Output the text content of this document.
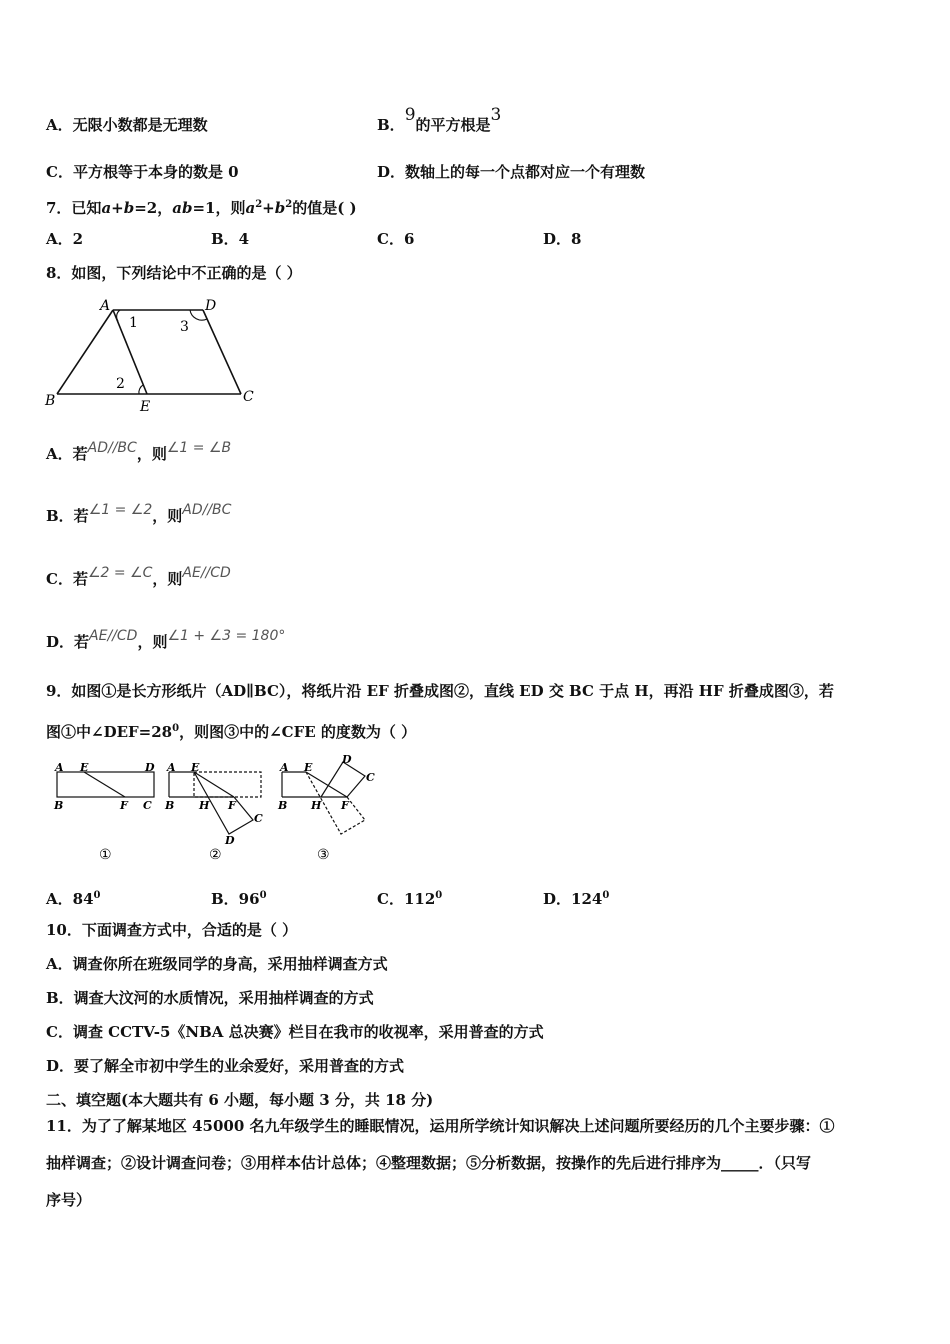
A．无限小数都是无理数	B．9的平方根是3
C．平方根等于本身的数是 0	D．数轴上的每一个点都对应一个有理数
7．已知a+b=2，ab=1，则$a^2+b^2$的值是( )
A．2	B．4	C．6	D．8
8．如图，下列结论中不正确的是（ ）
A	D
B	E
C
1
2
3
A．若AD//BC，则∠1 = ∠B
B．若∠1 = ∠2，则AD//BC
C．若∠2 = ∠C，则AE//CD
D．若AE//CD，则∠1 + ∠3 = 180°
9．如图①是长方形纸片（AD∥BC），将纸片沿 EF 折叠成图②，直线 ED 交 BC 于点 H，再沿 HF 折叠成图③，若
图①中$\angle DEF=28^0$，则图③中的∠CFE 的度数为（ ）
A E	D
B	F C
①
A E
B H F
D
C
②
A E
D
C
B H F
③
A．$84^0$	B．$96^0$	C．$112^0$	D．$124^0$
10．下面调查方式中，合适的是（ ）
A．调查你所在班级同学的身高，采用抽样调查方式
B．调查大汶河的水质情况，采用抽样调查的方式
C．调查 CCTV-5《NBA 总决赛》栏目在我市的收视率，采用普查的方式
D．要了解全市初中学生的业余爱好，采用普查的方式
二、填空题(本大题共有 6 小题，每小题 3 分，共 18 分)
11．为了了解某地区 45000 名九年级学生的睡眠情况，运用所学统计知识解决上述问题所要经历的几个主要步骤：①
抽样调查；②设计调查问卷；③用样本估计总体；④整理数据；⑤分析数据，按操作的先后进行排序为_____．（只写
序号）
